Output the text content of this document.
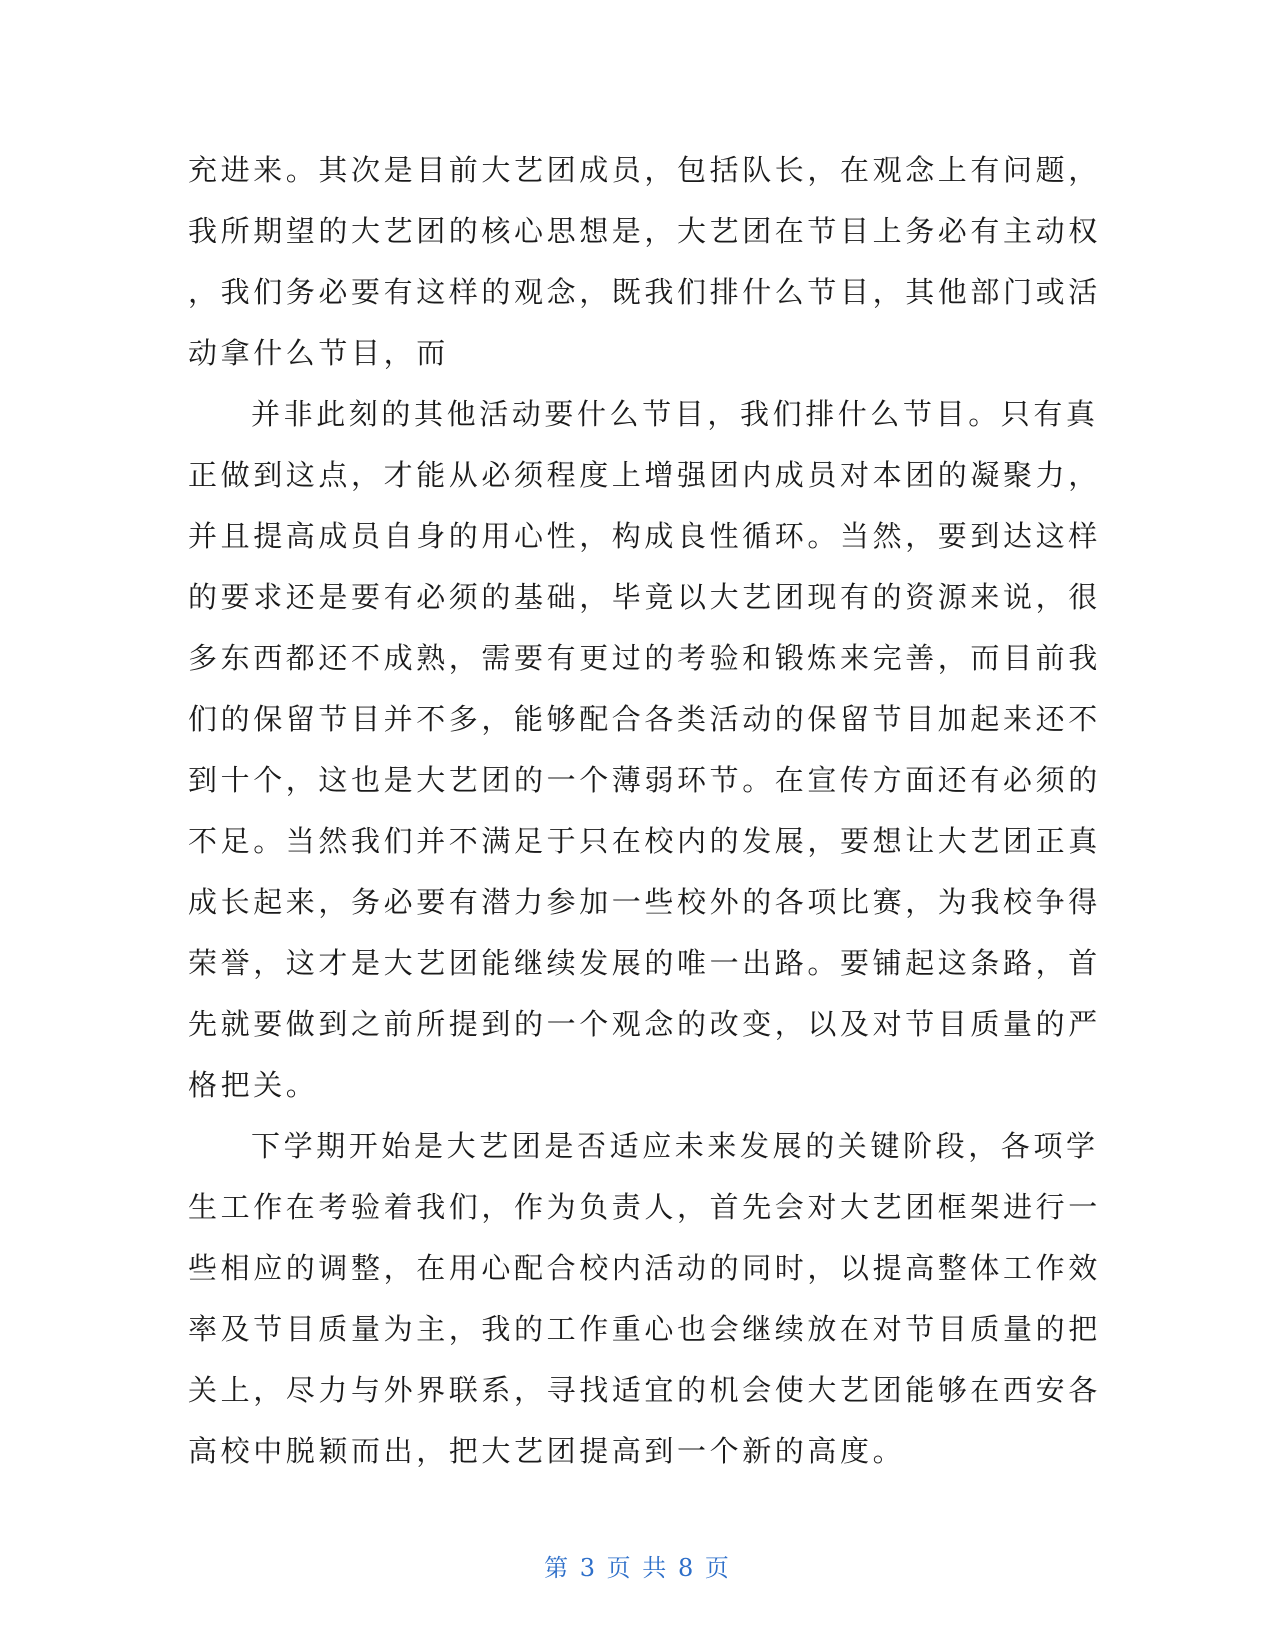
充进来。其次是目前大艺团成员，包括队长，在观念上有问题，
我所期望的大艺团的核心思想是，大艺团在节目上务必有主动权
，我们务必要有这样的观念，既我们排什么节目，其他部门或活
动拿什么节目，而
并非此刻的其他活动要什么节目，我们排什么节目。只有真
正做到这点，才能从必须程度上增强团内成员对本团的凝聚力，
并且提高成员自身的用心性，构成良性循环。当然，要到达这样
的要求还是要有必须的基础，毕竟以大艺团现有的资源来说，很
多东西都还不成熟，需要有更过的考验和锻炼来完善，而目前我
们的保留节目并不多，能够配合各类活动的保留节目加起来还不
到十个，这也是大艺团的一个薄弱环节。在宣传方面还有必须的
不足。当然我们并不满足于只在校内的发展，要想让大艺团正真
成长起来，务必要有潜力参加一些校外的各项比赛，为我校争得
荣誉，这才是大艺团能继续发展的唯一出路。要铺起这条路，首
先就要做到之前所提到的一个观念的改变，以及对节目质量的严
格把关。
下学期开始是大艺团是否适应未来发展的关键阶段，各项学
生工作在考验着我们，作为负责人，首先会对大艺团框架进行一
些相应的调整，在用心配合校内活动的同时，以提高整体工作效
率及节目质量为主，我的工作重心也会继续放在对节目质量的把
关上，尽力与外界联系，寻找适宜的机会使大艺团能够在西安各
高校中脱颖而出，把大艺团提高到一个新的高度。
第 3 页 共 8 页
